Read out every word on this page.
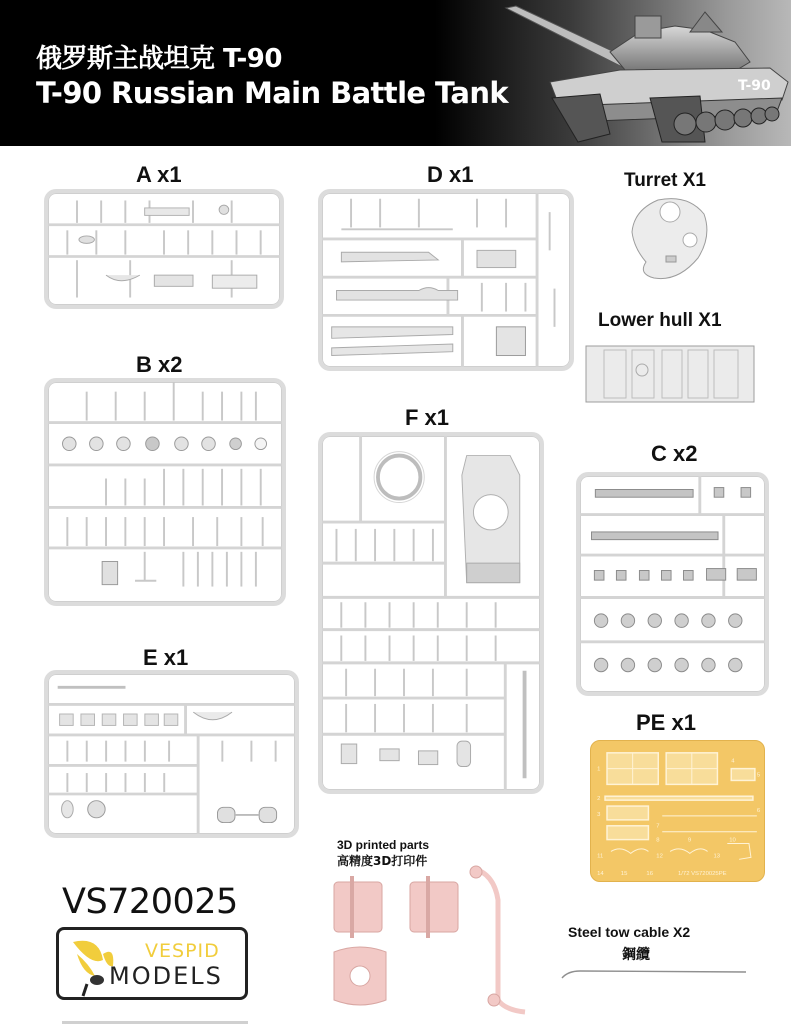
俄罗斯主战坦克 T-90
T-90 Russian Main Battle Tank	T-90
A x1
B x2
E x1
D x1
F x1
Turret X1
Lower hull X1
C x2
PE x1
1
2
3
4
5
6
7
8	9	10
11	12	13
14	15	16	1/72 VS720025PE
VS720025
VESPID
MODELS
3D printed parts
高精度3D打印件
Steel tow cable X2
鋼纜
